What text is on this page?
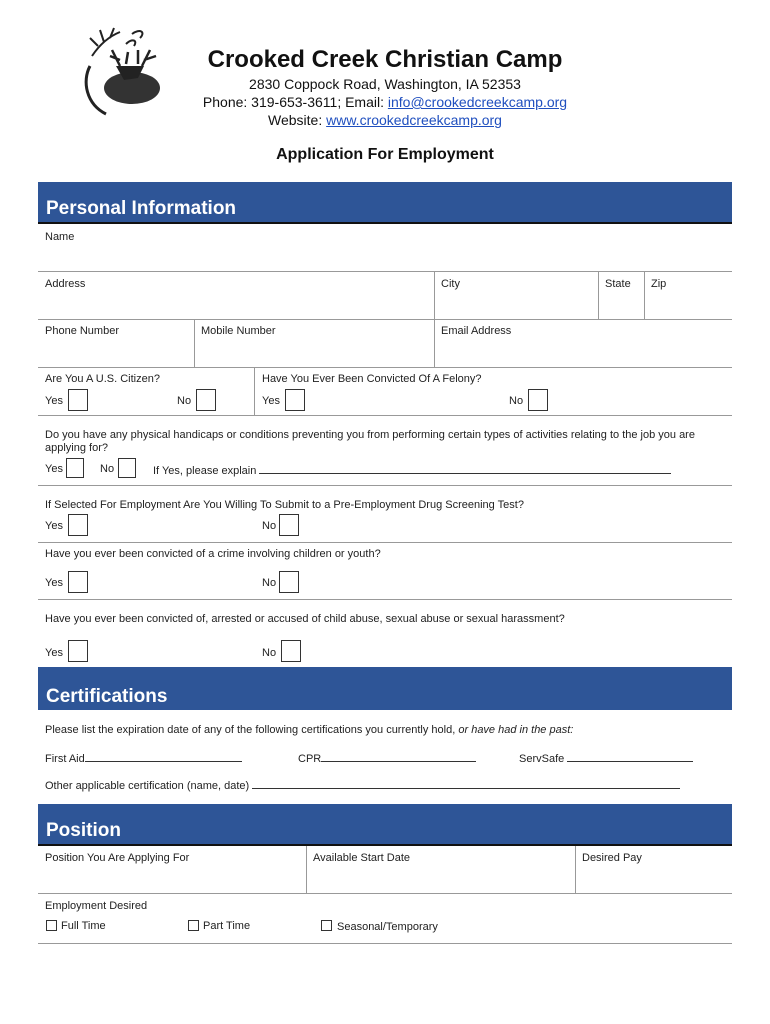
Crooked Creek Christian Camp
2830 Coppock Road, Washington, IA 52353
Phone: 319-653-3611; Email: info@crookedcreekcamp.org
Website: www.crookedcreekcamp.org
Application For Employment
Personal Information
Name
Address	City	State Zip
Phone Number	Mobile Number	Email Address
Are You A U.S. Citizen?	Have You Ever Been Convicted Of A Felony?
Yes	No	Yes	No
Do you have any physical handicaps or conditions preventing you from performing certain types of activities relating to the job you are applying for?
Yes	No	If Yes, please explain
If Selected For Employment Are You Willing To Submit to a Pre-Employment Drug Screening Test?
Yes	No
Have you ever been convicted of a crime involving children or youth?
Yes	No
Have you ever been convicted of, arrested or accused of child abuse, sexual abuse or sexual harassment?
Yes	No
Certifications
Please list the expiration date of any of the following certifications you currently hold, or have had in the past:
First Aid	CPR	ServSafe
Other applicable certification (name, date)
Position
Position You Are Applying For	Available Start Date	Desired Pay
Employment Desired
Full Time	Part Time	Seasonal/Temporary
